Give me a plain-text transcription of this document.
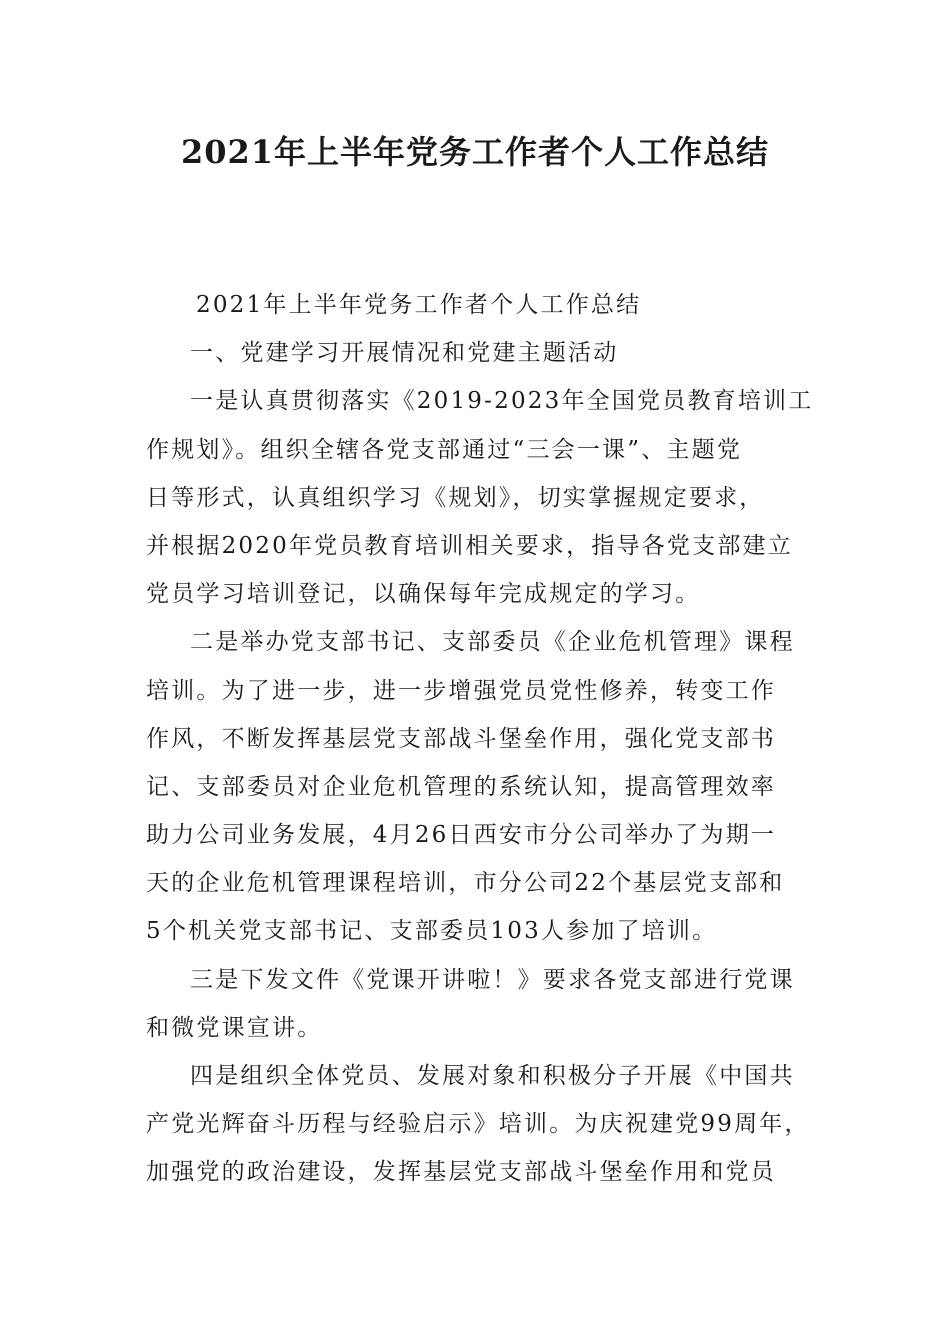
2021年上半年党务工作者个人工作总结
2021年上半年党务工作者个人工作总结
一、党建学习开展情况和党建主题活动
一是认真贯彻落实《2019-2023年全国党员教育培训工
作规划》。组织全辖各党支部通过“三会一课”、主题党
日等形式，认真组织学习《规划》，切实掌握规定要求，
并根据2020年党员教育培训相关要求，指导各党支部建立
党员学习培训登记，以确保每年完成规定的学习。
二是举办党支部书记、支部委员《企业危机管理》课程
培训。为了进一步，进一步增强党员党性修养，转变工作
作风，不断发挥基层党支部战斗堡垒作用，强化党支部书
记、支部委员对企业危机管理的系统认知，提高管理效率
助力公司业务发展，4月26日西安市分公司举办了为期一
天的企业危机管理课程培训，市分公司22个基层党支部和
5个机关党支部书记、支部委员103人参加了培训。
三是下发文件《党课开讲啦！》要求各党支部进行党课
和微党课宣讲。
四是组织全体党员、发展对象和积极分子开展《中国共
产党光辉奋斗历程与经验启示》培训。为庆祝建党99周年，
加强党的政治建设，发挥基层党支部战斗堡垒作用和党员
